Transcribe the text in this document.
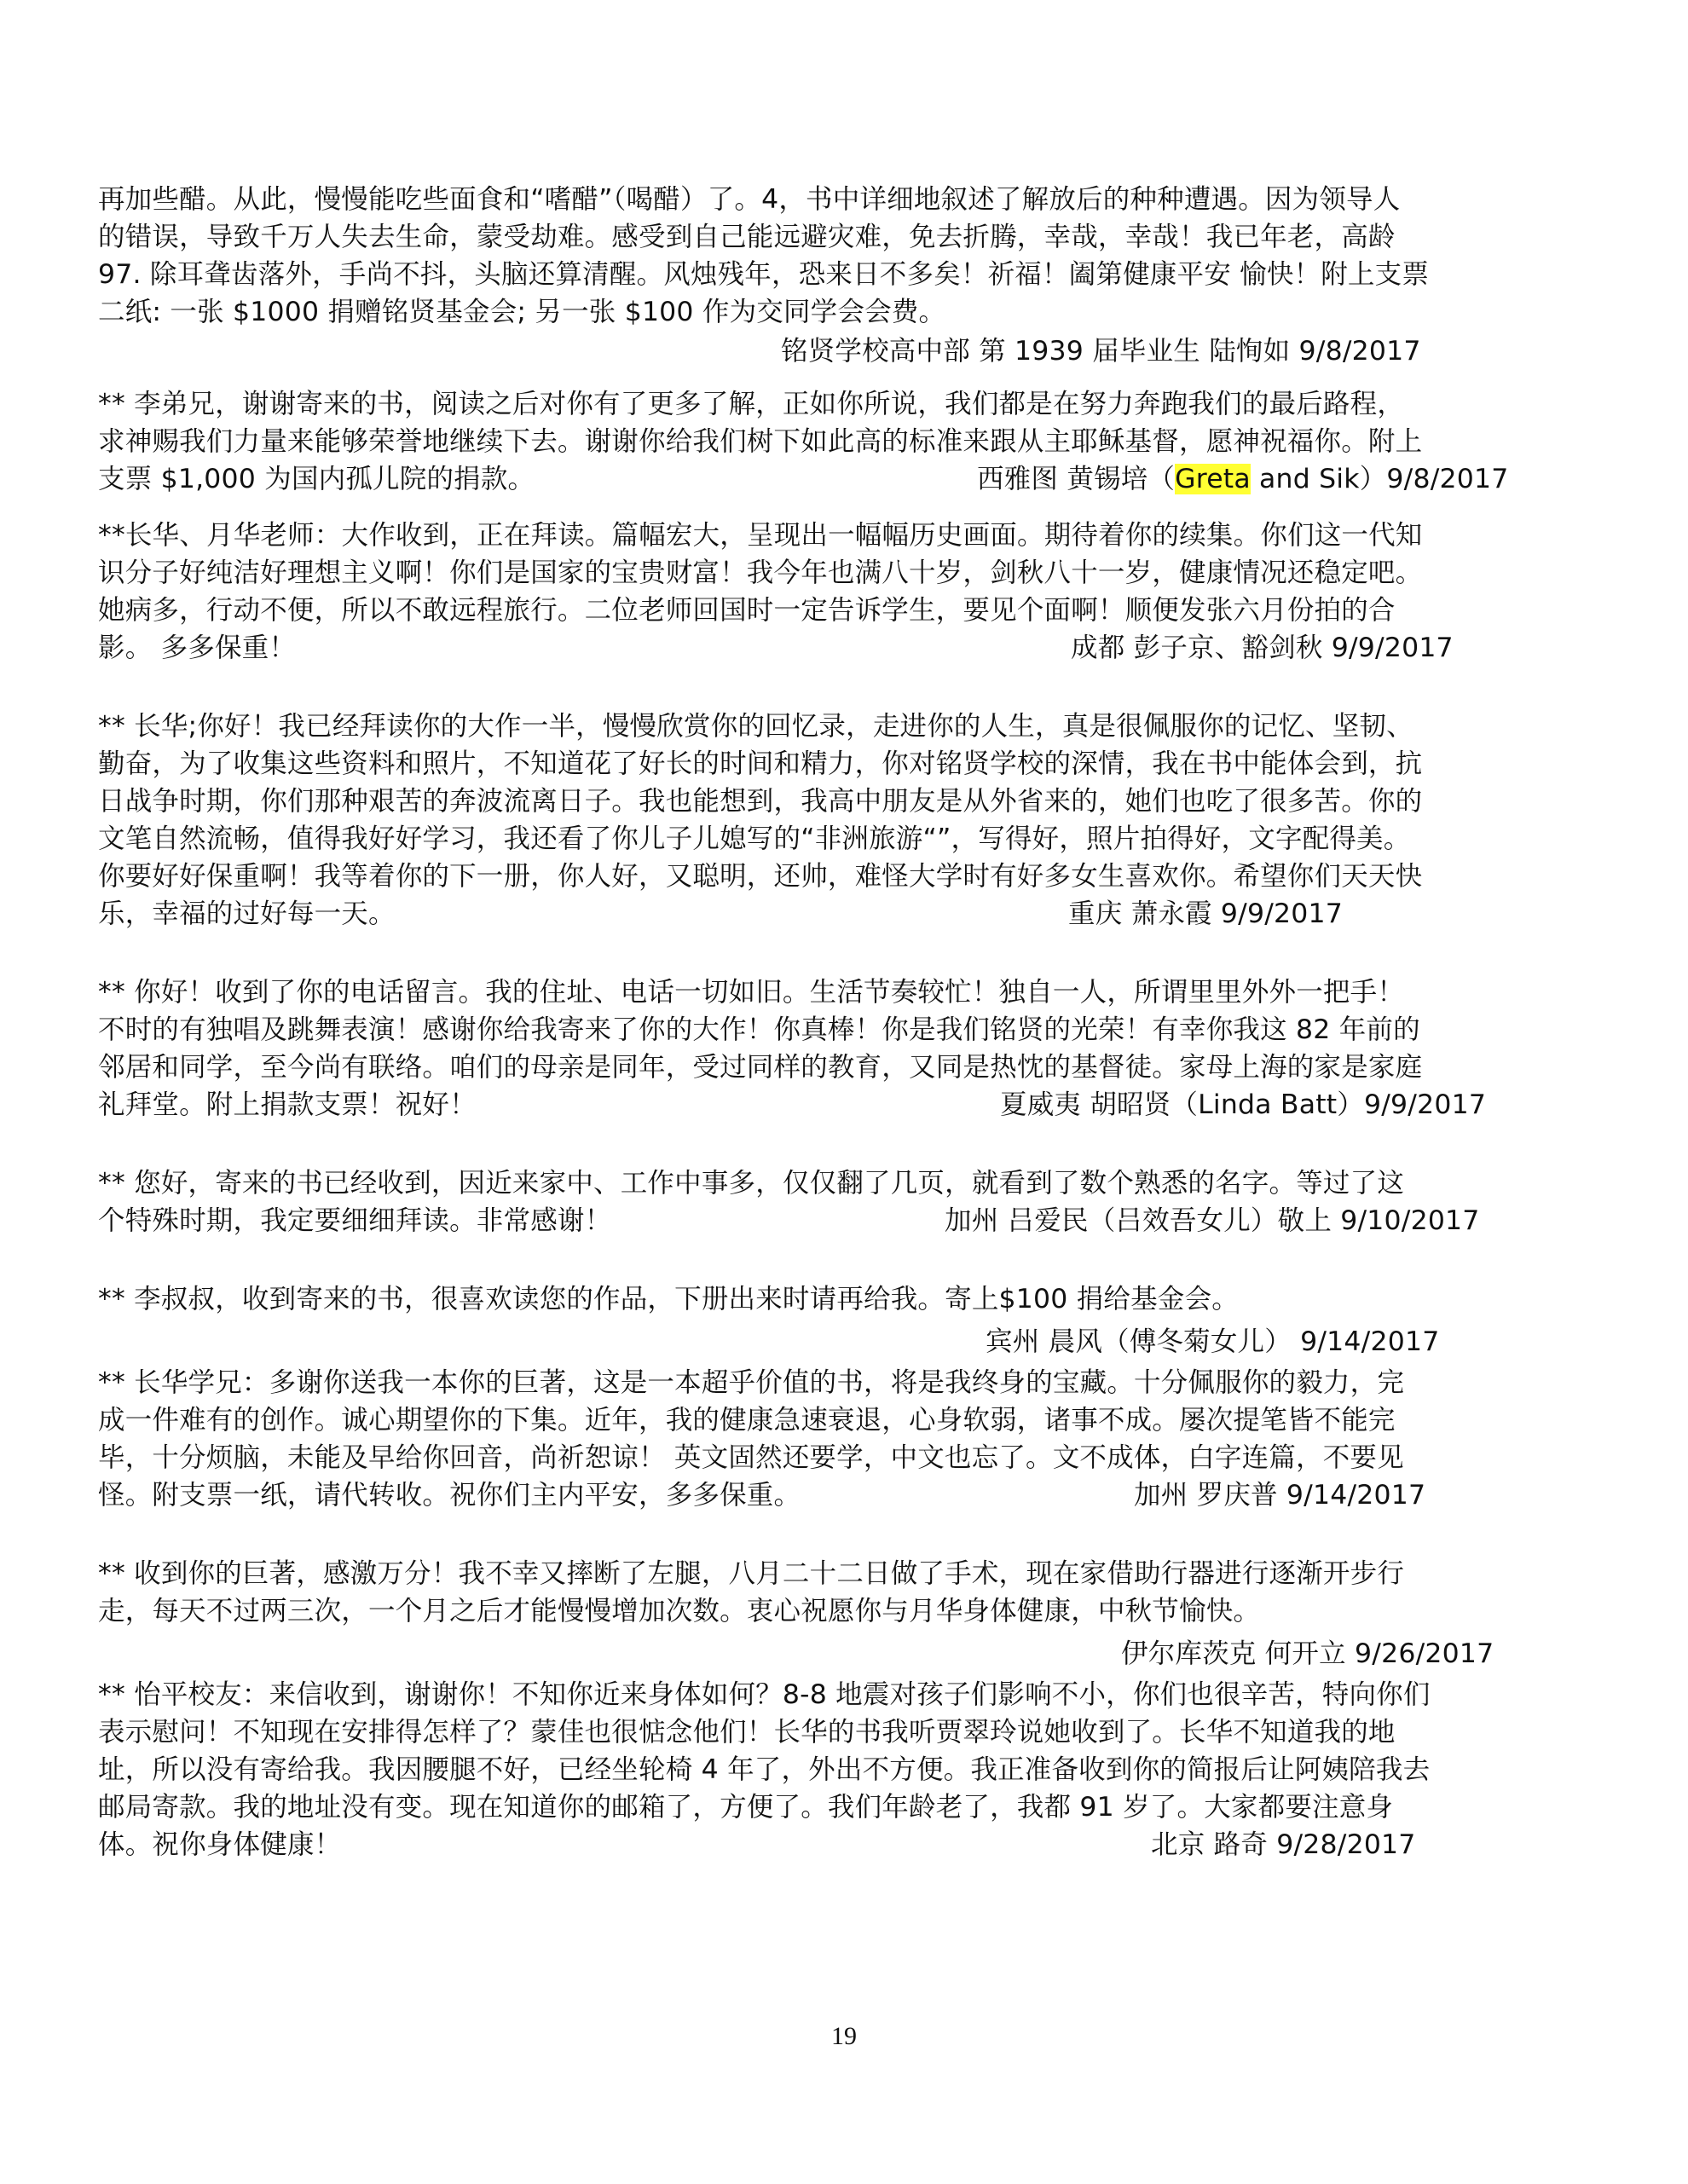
再加些醋。从此，慢慢能吃些面食和“嗜醋”（喝醋）了。4，书中详细地叙述了解放后的种种遭遇。因为领导人
的错误，导致千万人失去生命，蒙受劫难。感受到自己能远避灾难，免去折腾，幸哉，幸哉！我已年老，高龄
97. 除耳聋齿落外，手尚不抖，头脑还算清醒。风烛残年，恐来日不多矣！祈福！阖第健康平安 愉快！附上支票
二纸: 一张 $1000 捐赠铭贤基金会; 另一张 $100 作为交同学会会费。
铭贤学校高中部 第 1939 届毕业生 陆恂如 9/8/2017
** 李弟兄，谢谢寄来的书，阅读之后对你有了更多了解，正如你所说，我们都是在努力奔跑我们的最后路程，
求神赐我们力量来能够荣誉地继续下去。谢谢你给我们树下如此高的标准来跟从主耶稣基督，愿神祝福你。附上
支票 $1,000 为国内孤儿院的捐款。	西雅图 黄锡培（Greta and Sik）9/8/2017
**长华、月华老师：大作收到，正在拜读。篇幅宏大，呈现出一幅幅历史画面。期待着你的续集。你们这一代知
识分子好纯洁好理想主义啊！你们是国家的宝贵财富！我今年也满八十岁，剑秋八十一岁，健康情况还稳定吧。
她病多，行动不便，所以不敢远程旅行。二位老师回国时一定告诉学生，要见个面啊！顺便发张六月份拍的合
影。 多多保重！	成都 彭子京、豁剑秋 9/9/2017
** 长华;你好！我已经拜读你的大作一半，慢慢欣赏你的回忆录，走进你的人生，真是很佩服你的记忆、坚韧、
勤奋，为了收集这些资料和照片，不知道花了好长的时间和精力，你对铭贤学校的深情，我在书中能体会到，抗
日战争时期，你们那种艰苦的奔波流离日子。我也能想到，我高中朋友是从外省来的，她们也吃了很多苦。你的
文笔自然流畅，值得我好好学习，我还看了你儿子儿媳写的“非洲旅游“”，写得好，照片拍得好，文字配得美。
你要好好保重啊！我等着你的下一册，你人好，又聪明，还帅，难怪大学时有好多女生喜欢你。希望你们天天快
乐，幸福的过好每一天。	重庆 萧永霞 9/9/2017
** 你好！收到了你的电话留言。我的住址、电话一切如旧。生活节奏较忙！独自一人，所谓里里外外一把手！
不时的有独唱及跳舞表演！感谢你给我寄来了你的大作！你真棒！你是我们铭贤的光荣！有幸你我这 82 年前的
邻居和同学，至今尚有联络。咱们的母亲是同年，受过同样的教育，又同是热忱的基督徒。家母上海的家是家庭
礼拜堂。附上捐款支票！祝好！	夏威夷 胡昭贤（Linda Batt）9/9/2017
** 您好，寄来的书已经收到，因近来家中、工作中事多，仅仅翻了几页，就看到了数个熟悉的名字。等过了这
个特殊时期，我定要细细拜读。非常感谢！	加州 吕爱民（吕效吾女儿）敬上 9/10/2017
** 李叔叔，收到寄来的书，很喜欢读您的作品，下册出来时请再给我。寄上$100 捐给基金会。
宾州 晨风（傅冬菊女儿） 9/14/2017
** 长华学兄：多谢你送我一本你的巨著，这是一本超乎价值的书，将是我终身的宝藏。十分佩服你的毅力，完
成一件难有的创作。诚心期望你的下集。近年，我的健康急速衰退，心身软弱，诸事不成。屡次提笔皆不能完
毕，十分烦脑，未能及早给你回音，尚祈恕谅！ 英文固然还要学，中文也忘了。文不成体，白字连篇，不要见
怪。附支票一纸，请代转收。祝你们主内平安，多多保重。	加州 罗庆普 9/14/2017
** 收到你的巨著，感激万分！我不幸又摔断了左腿，八月二十二日做了手术，现在家借助行器进行逐渐开步行
走，每天不过两三次，一个月之后才能慢慢增加次数。衷心祝愿你与月华身体健康，中秋节愉快。
伊尔库茨克 何开立 9/26/2017
** 怡平校友：来信收到，谢谢你！不知你近来身体如何？8-8 地震对孩子们影响不小，你们也很辛苦，特向你们
表示慰问！不知现在安排得怎样了？蒙佳也很惦念他们！长华的书我听贾翠玲说她收到了。长华不知道我的地
址，所以没有寄给我。我因腰腿不好，已经坐轮椅 4 年了，外出不方便。我正准备收到你的简报后让阿姨陪我去
邮局寄款。我的地址没有变。现在知道你的邮箱了，方便了。我们年龄老了，我都 91 岁了。大家都要注意身
体。祝你身体健康！	北京 路奇 9/28/2017
19
